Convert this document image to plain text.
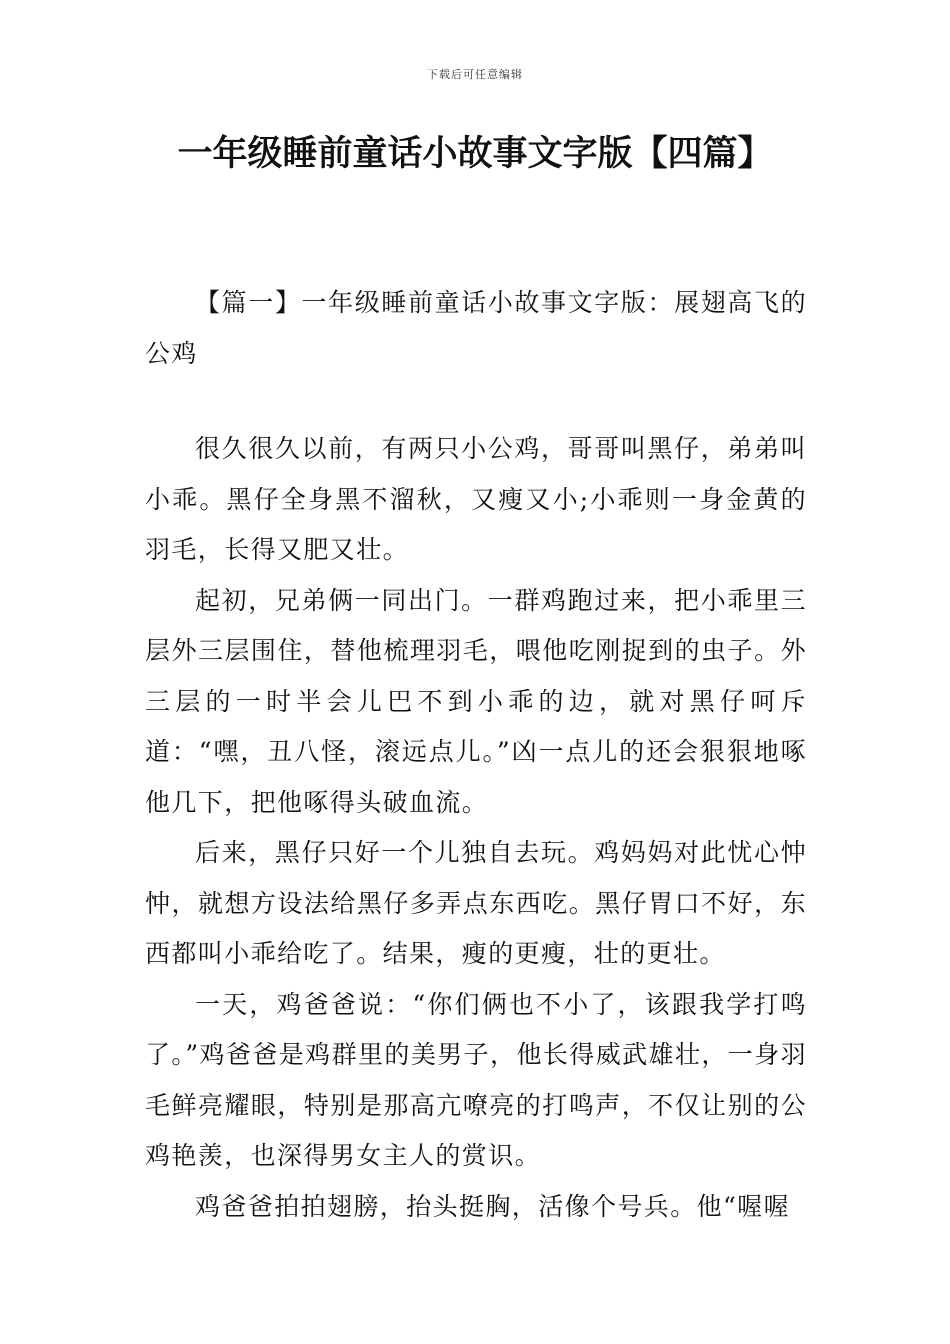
下载后可任意编辑
一年级睡前童话小故事文字版【四篇】

【篇一】一年级睡前童话小故事文字版：展翅高飞的公鸡

很久很久以前，有两只小公鸡，哥哥叫黑仔，弟弟叫小乖。黑仔全身黑不溜秋，又瘦又小;小乖则一身金黄的羽毛，长得又肥又壮。

起初，兄弟俩一同出门。一群鸡跑过来，把小乖里三层外三层围住，替他梳理羽毛，喂他吃刚捉到的虫子。外三层的一时半会儿巴不到小乖的边，就对黑仔呵斥道：“嘿，丑八怪，滚远点儿。”凶一点儿的还会狠狠地啄他几下，把他啄得头破血流。

后来，黑仔只好一个儿独自去玩。鸡妈妈对此忧心忡忡，就想方设法给黑仔多弄点东西吃。黑仔胃口不好，东西都叫小乖给吃了。结果，瘦的更瘦，壮的更壮。

一天，鸡爸爸说：“你们俩也不小了，该跟我学打鸣了。”鸡爸爸是鸡群里的美男子，他长得威武雄壮，一身羽毛鲜亮耀眼，特别是那高亢嘹亮的打鸣声，不仅让别的公鸡艳羡，也深得男女主人的赏识。

鸡爸爸拍拍翅膀，抬头挺胸，活像个号兵。他“喔喔
